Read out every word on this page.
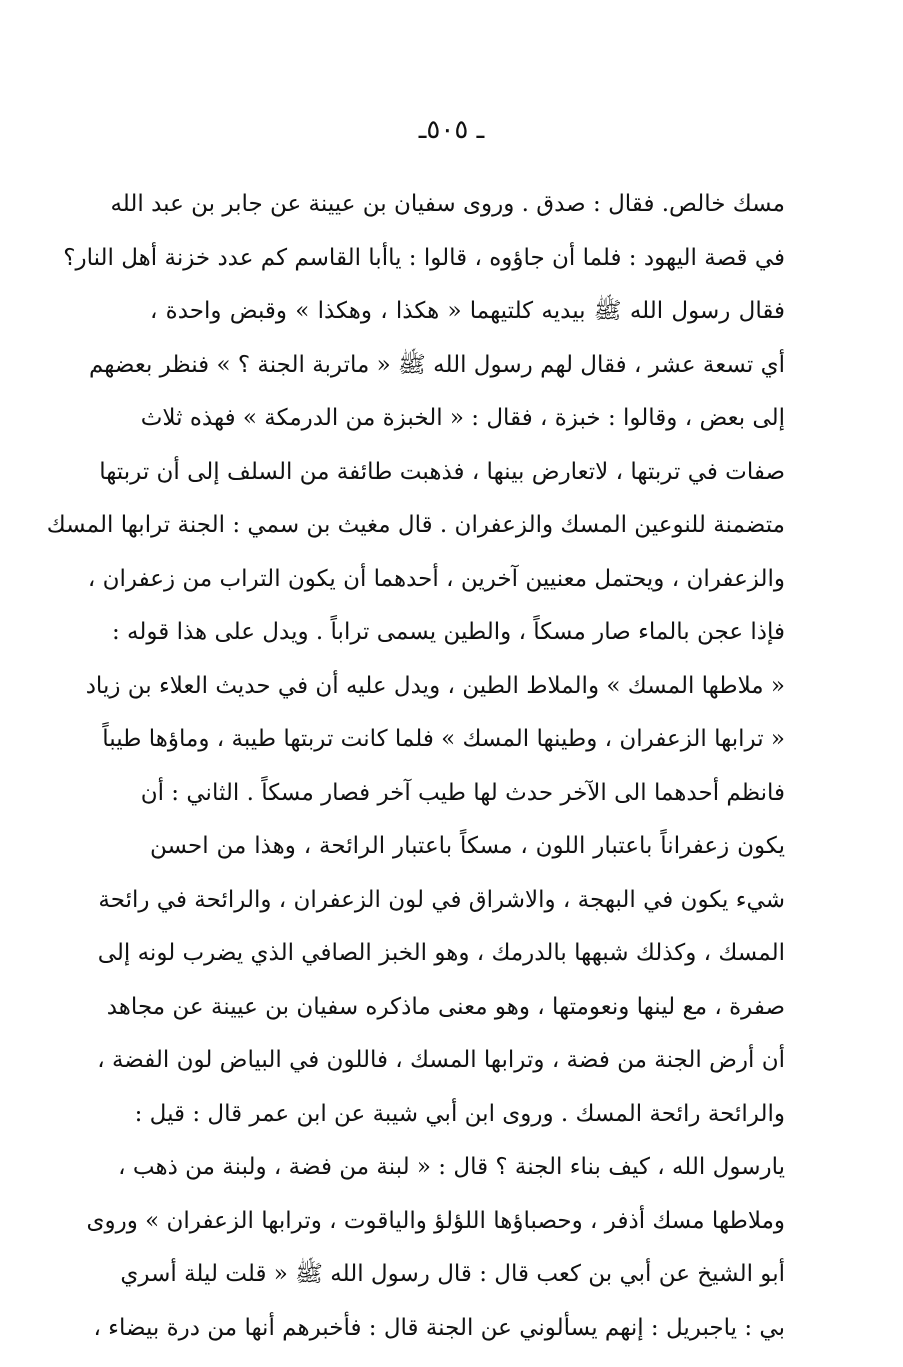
ـ ٥٠٥ـ
مسك خالص. فقال : صدق . وروى سفيان بن عيينة عن جابر بن عبد الله
في قصة اليهود : فلما أن جاؤوه ، قالوا : ياأبا القاسم كم عدد خزنة أهل النار؟
فقال رسول الله ﷺ بيديه كلتيهما « هكذا ، وهكذا » وقبض واحدة ،
أي تسعة عشر ، فقال لهم رسول الله ﷺ « ماتربة الجنة ؟ » فنظر بعضهم
إلى بعض ، وقالوا : خبزة ، فقال : « الخبزة من الدرمكة » فهذه ثلاث
صفات في تربتها ، لاتعارض بينها ، فذهبت طائفة من السلف إلى أن تربتها
متضمنة للنوعين المسك والزعفران . قال مغيث بن سمي : الجنة ترابها المسك
والزعفران ، ويحتمل معنيين آخرين ، أحدهما أن يكون التراب من زعفران ،
فإذا عجن بالماء صار مسكاً ، والطين يسمى تراباً . ويدل على هذا قوله :
« ملاطها المسك » والملاط الطين ، ويدل عليه أن في حديث العلاء بن زياد
« ترابها الزعفران ، وطينها المسك » فلما كانت تربتها طيبة ، وماؤها طيباً
فانظم أحدهما الى الآخر حدث لها طيب آخر فصار مسكاً . الثاني : أن
يكون زعفراناً باعتبار اللون ، مسكاً باعتبار الرائحة ، وهذا من احسن
شيء يكون في البهجة ، والاشراق في لون الزعفران ، والرائحة في رائحة
المسك ، وكذلك شبهها بالدرمك ، وهو الخبز الصافي الذي يضرب لونه إلى
صفرة ، مع لينها ونعومتها ، وهو معنى ماذكره سفيان بن عيينة عن مجاهد
أن أرض الجنة من فضة ، وترابها المسك ، فاللون في البياض لون الفضة ،
والرائحة رائحة المسك . وروى ابن أبي شيبة عن ابن عمر قال : قيل :
يارسول الله ، كيف بناء الجنة ؟ قال : « لبنة من فضة ، ولبنة من ذهب ،
وملاطها مسك أذفر ، وحصباؤها اللؤلؤ والياقوت ، وترابها الزعفران » وروى
أبو الشيخ عن أبي بن كعب قال : قال رسول الله ﷺ « قلت ليلة أسري
بي : ياجبريل : إنهم يسألوني عن الجنة قال : فأخبرهم أنها من درة بيضاء ،
